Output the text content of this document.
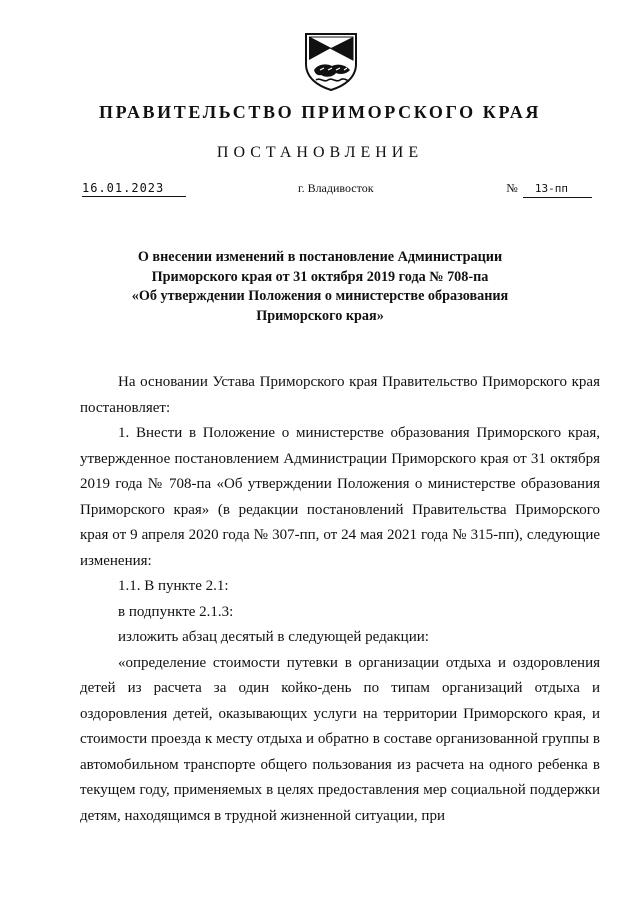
ПРАВИТЕЛЬСТВО ПРИМОРСКОГО КРАЯ
ПОСТАНОВЛЕНИЕ
16.01.2023	г. Владивосток	№ 13-пп
О внесении изменений в постановление Администрации
Приморского края от 31 октября 2019 года № 708-па
«Об утверждении Положения о министерстве образования
Приморского края»

На основании Устава Приморского края Правительство Приморского края постановляет:

1. Внести в Положение о министерстве образования Приморского края, утвержденное постановлением Администрации Приморского края от 31 октября 2019 года № 708-па «Об утверждении Положения о министерстве образования Приморского края» (в редакции постановлений Правительства Приморского края от 9 апреля 2020 года № 307-пп, от 24 мая 2021 года № 315-пп), следующие изменения:

1.1. В пункте 2.1:

в подпункте 2.1.3:

изложить абзац десятый в следующей редакции:

«определение стоимости путевки в организации отдыха и оздоровления детей из расчета за один койко-день по типам организаций отдыха и оздоровления детей, оказывающих услуги на территории Приморского края, и стоимости проезда к месту отдыха и обратно в составе организованной группы в автомобильном транспорте общего пользования из расчета на одного ребенка в текущем году, применяемых в целях предоставления мер социальной поддержки детям, находящимся в трудной жизненной ситуации, при
